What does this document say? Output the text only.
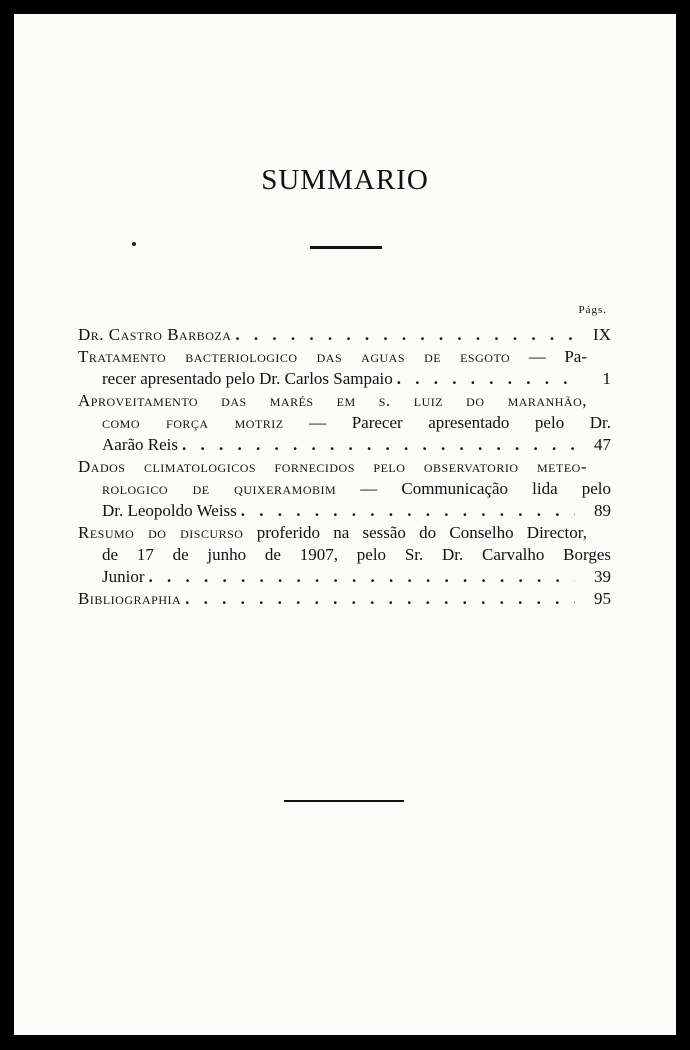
SUMMARIO
Págs.
Dr. Castro Barboza . . .	IX
Tratamento bacteriologico das aguas de esgoto — Pa-
recer apresentado pelo Dr. Carlos Sampaio . . .	1
Aproveitamento das marés em s. luiz do maranhão,
como força motriz — Parecer apresentado pelo Dr.
Aarão Reis . . .	47
Dados climatologicos fornecidos pelo observatorio meteo-
rologico de quixeramobim — Communicação lida pelo
Dr. Leopoldo Weiss . . .	89
Resumo do discurso proferido na sessão do Conselho Director,
de 17 de junho de 1907, pelo Sr. Dr. Carvalho Borges
Junior . . .	39
Bibliographia . . .	95
